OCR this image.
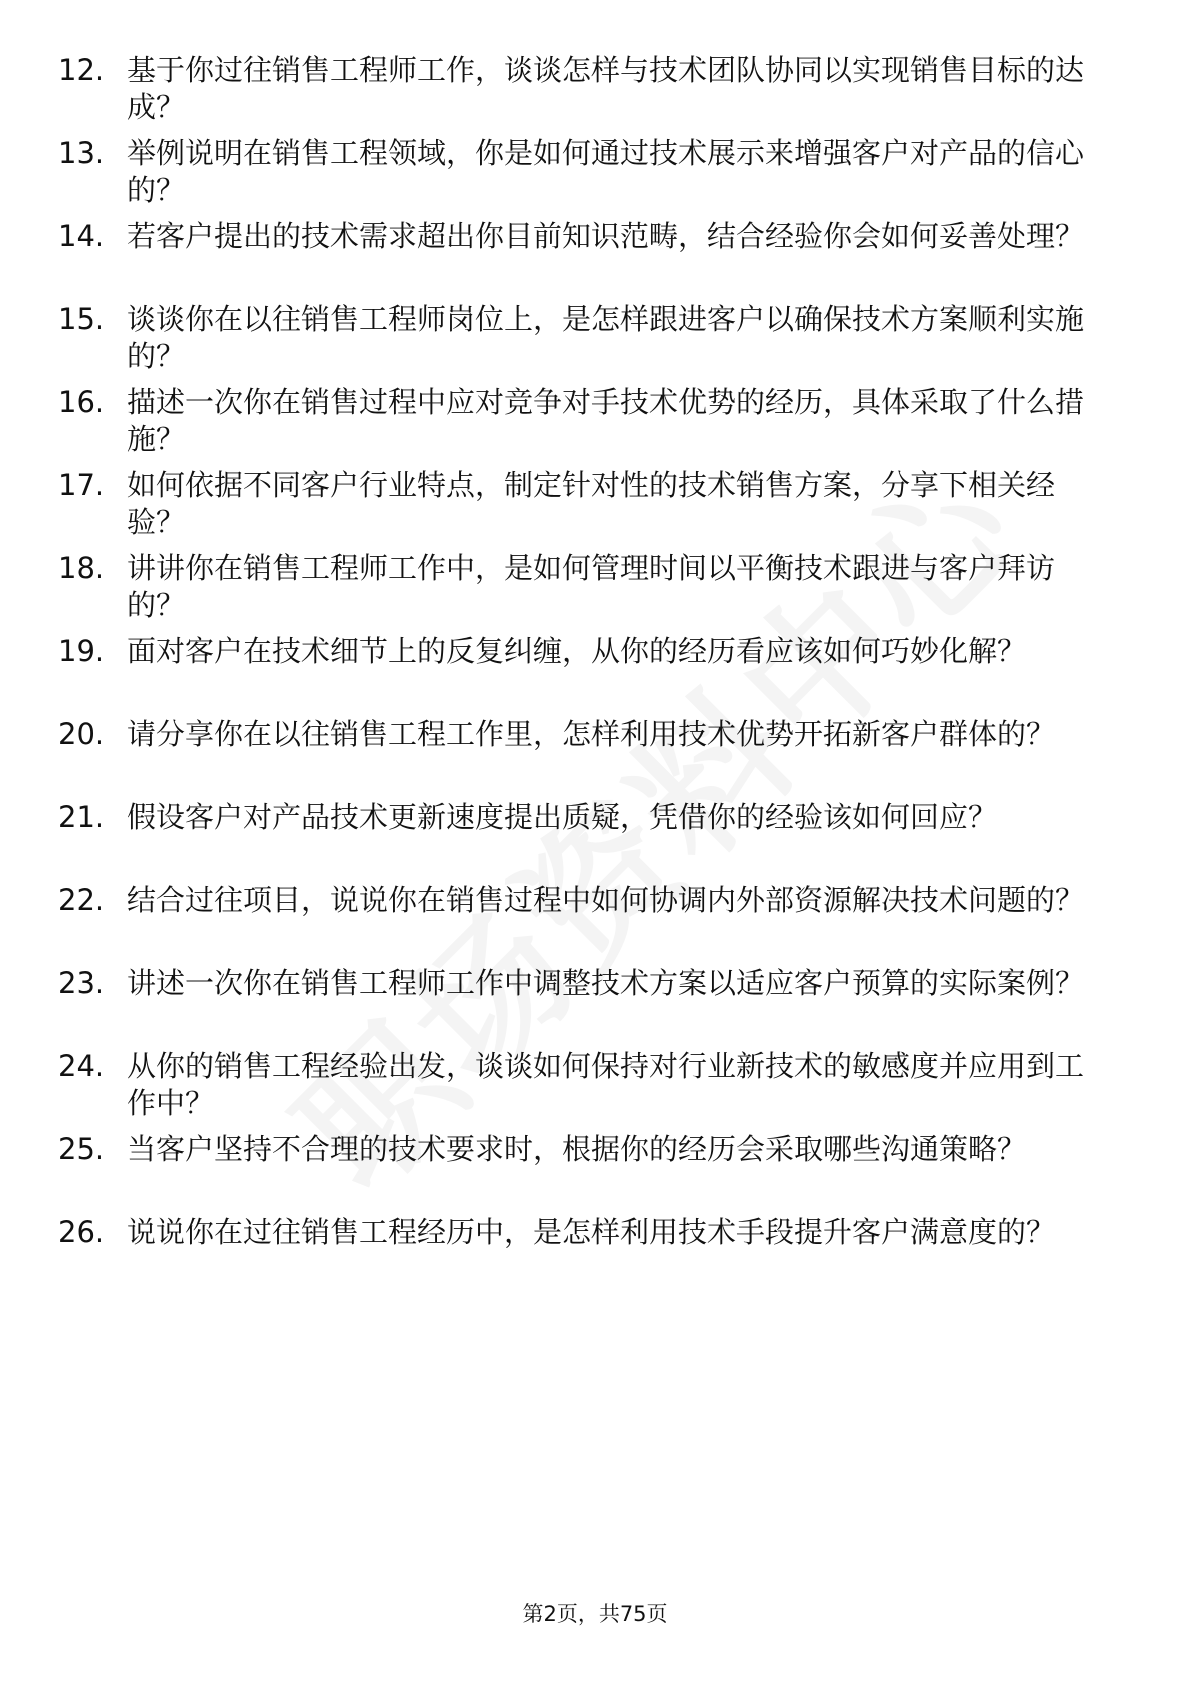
12. 基于你过往销售工程师工作，谈谈怎样与技术团队协同以实现销售目标的达成？
13. 举例说明在销售工程领域，你是如何通过技术展示来增强客户对产品的信心的？
14. 若客户提出的技术需求超出你目前知识范畴，结合经验你会如何妥善处理？
15. 谈谈你在以往销售工程师岗位上，是怎样跟进客户以确保技术方案顺利实施的？
16. 描述一次你在销售过程中应对竞争对手技术优势的经历，具体采取了什么措施？
17. 如何依据不同客户行业特点，制定针对性的技术销售方案，分享下相关经验？
18. 讲讲你在销售工程师工作中，是如何管理时间以平衡技术跟进与客户拜访的？
19. 面对客户在技术细节上的反复纠缠，从你的经历看应该如何巧妙化解？
20. 请分享你在以往销售工程工作里，怎样利用技术优势开拓新客户群体的？
21. 假设客户对产品技术更新速度提出质疑，凭借你的经验该如何回应？
22. 结合过往项目，说说你在销售过程中如何协调内外部资源解决技术问题的？
23. 讲述一次你在销售工程师工作中调整技术方案以适应客户预算的实际案例？
24. 从你的销售工程经验出发，谈谈如何保持对行业新技术的敏感度并应用到工作中？
25. 当客户坚持不合理的技术要求时，根据你的经历会采取哪些沟通策略？
26. 说说你在过往销售工程经历中，是怎样利用技术手段提升客户满意度的？
第2页，共75页
